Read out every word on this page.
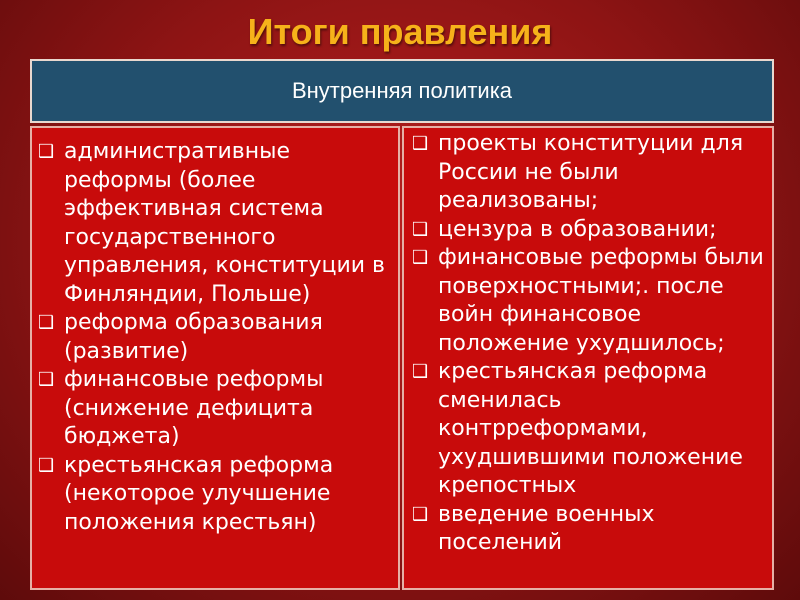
Итоги правления
Внутренняя политика
❑ административные реформы (более эффективная система государственного управления, конституции в Финляндии, Польше)
❑ реформа образования (развитие)
❑ финансовые реформы (снижение дефицита бюджета)
❑ крестьянская реформа (некоторое улучшение положения крестьян)
❑ проекты конституции для России не были реализованы;
❑ цензура в образовании;
❑ финансовые реформы были поверхностными;. после войн финансовое положение ухудшилось;
❑ крестьянская реформа сменилась контрреформами, ухудшившими положение крепостных
❑ введение военных поселений
